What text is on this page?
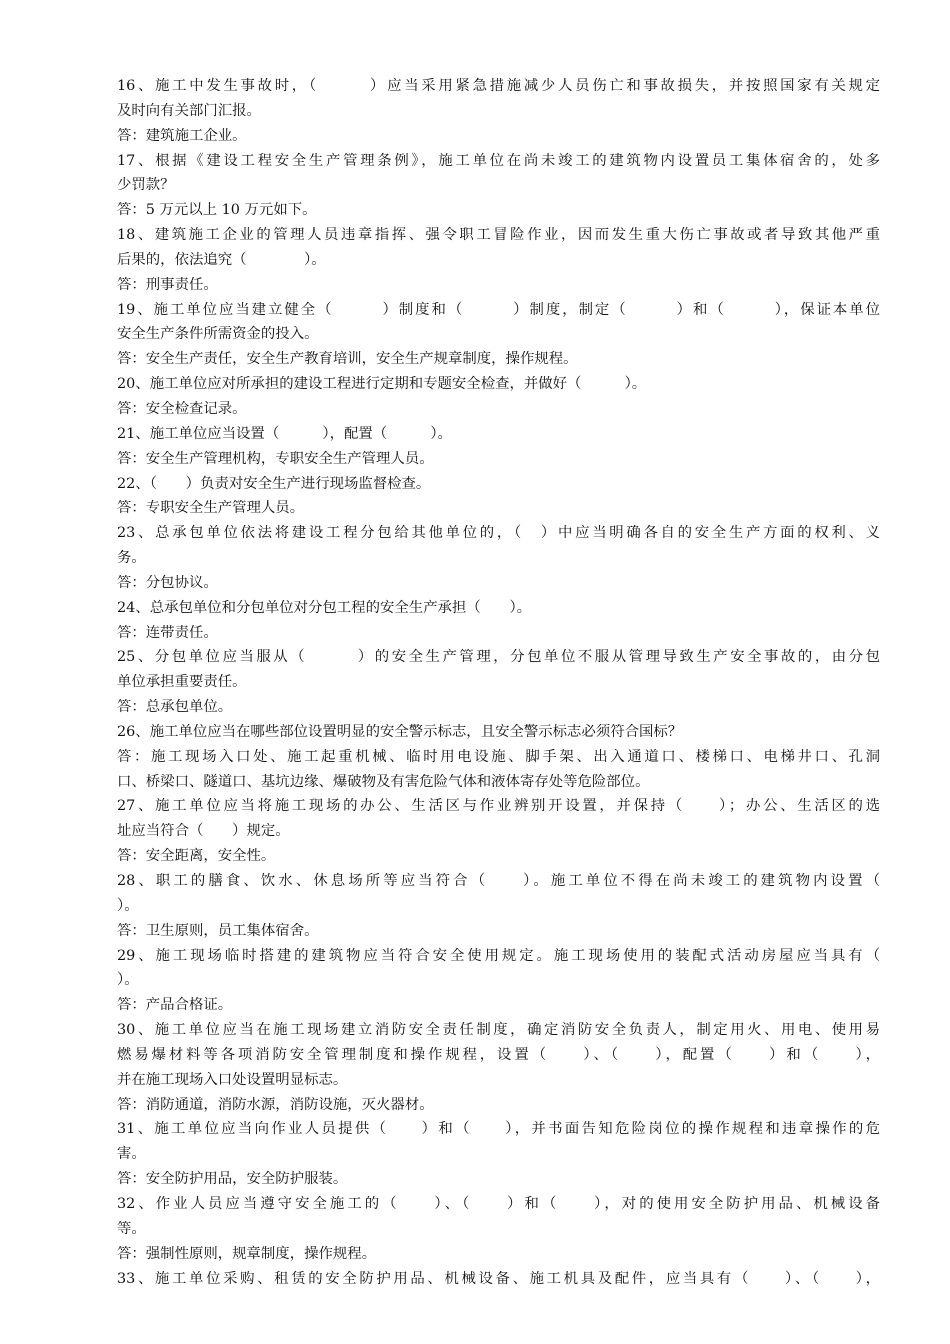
16、施工中发生事故时，（　　　）应当采用紧急措施减少人员伤亡和事故损失，并按照国家有关规定
及时向有关部门汇报。
答：建筑施工企业。
17、根据《建设工程安全生产管理条例》，施工单位在尚未竣工的建筑物内设置员工集体宿舍的，处多
少罚款？
答：5 万元以上 10 万元如下。
18、建筑施工企业的管理人员违章指挥、强令职工冒险作业，因而发生重大伤亡事故或者导致其他严重
后果的，依法追究（　　　　）。
答：刑事责任。
19、施工单位应当建立健全（　　　）制度和（　　　）制度，制定（　　　）和（　　　），保证本单位
安全生产条件所需资金的投入。
答：安全生产责任，安全生产教育培训，安全生产规章制度，操作规程。
20、施工单位应对所承担的建设工程进行定期和专题安全检查，并做好（　　　）。
答：安全检查记录。
21、施工单位应当设置（　　　），配置（　　　）。
答：安全生产管理机构，专职安全生产管理人员。
22、（　　）负责对安全生产进行现场监督检查。
答：专职安全生产管理人员。
23、总承包单位依法将建设工程分包给其他单位的，（　）中应当明确各自的安全生产方面的权利、义
务。
答：分包协议。
24、总承包单位和分包单位对分包工程的安全生产承担（　　）。
答：连带责任。
25、分包单位应当服从（　　　）的安全生产管理，分包单位不服从管理导致生产安全事故的，由分包
单位承担重要责任。
答：总承包单位。
26、施工单位应当在哪些部位设置明显的安全警示标志，且安全警示标志必须符合国标？
答：施工现场入口处、施工起重机械、临时用电设施、脚手架、出入通道口、楼梯口、电梯井口、孔洞
口、桥梁口、隧道口、基坑边缘、爆破物及有害危险气体和液体寄存处等危险部位。
27、施工单位应当将施工现场的办公、生活区与作业辨别开设置，并保持（　　）；办公、生活区的选
址应当符合（　　）规定。
答：安全距离，安全性。
28、职工的膳食、饮水、休息场所等应当符合（　　）。施工单位不得在尚未竣工的建筑物内设置（
）。
答：卫生原则，员工集体宿舍。
29、施工现场临时搭建的建筑物应当符合安全使用规定。施工现场使用的装配式活动房屋应当具有（
）。
答：产品合格证。
30、施工单位应当在施工现场建立消防安全责任制度，确定消防安全负责人，制定用火、用电、使用易
燃易爆材料等各项消防安全管理制度和操作规程，设置（　　）、（　　），配置（　　）和（　　），
并在施工现场入口处设置明显标志。
答：消防通道，消防水源，消防设施，灭火器材。
31、施工单位应当向作业人员提供（　　）和（　　），并书面告知危险岗位的操作规程和违章操作的危
害。
答：安全防护用品，安全防护服装。
32、作业人员应当遵守安全施工的（　　）、（　　）和（　　），对的使用安全防护用品、机械设备
等。
答：强制性原则，规章制度，操作规程。
33、施工单位采购、租赁的安全防护用品、机械设备、施工机具及配件，应当具有（　　）、（　　），
